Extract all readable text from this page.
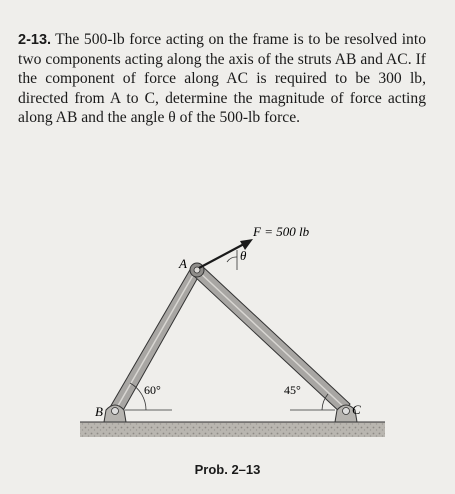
2-13. The 500-lb force acting on the frame is to be resolved into two components acting along the axis of the struts AB and AC. If the component of force along AC is required to be 300 lb, directed from A to C, determine the magnitude of force acting along AB and the angle θ of the 500-lb force.
F = 500 lb
A
θ
B	C
60°	45°
Prob. 2–13
